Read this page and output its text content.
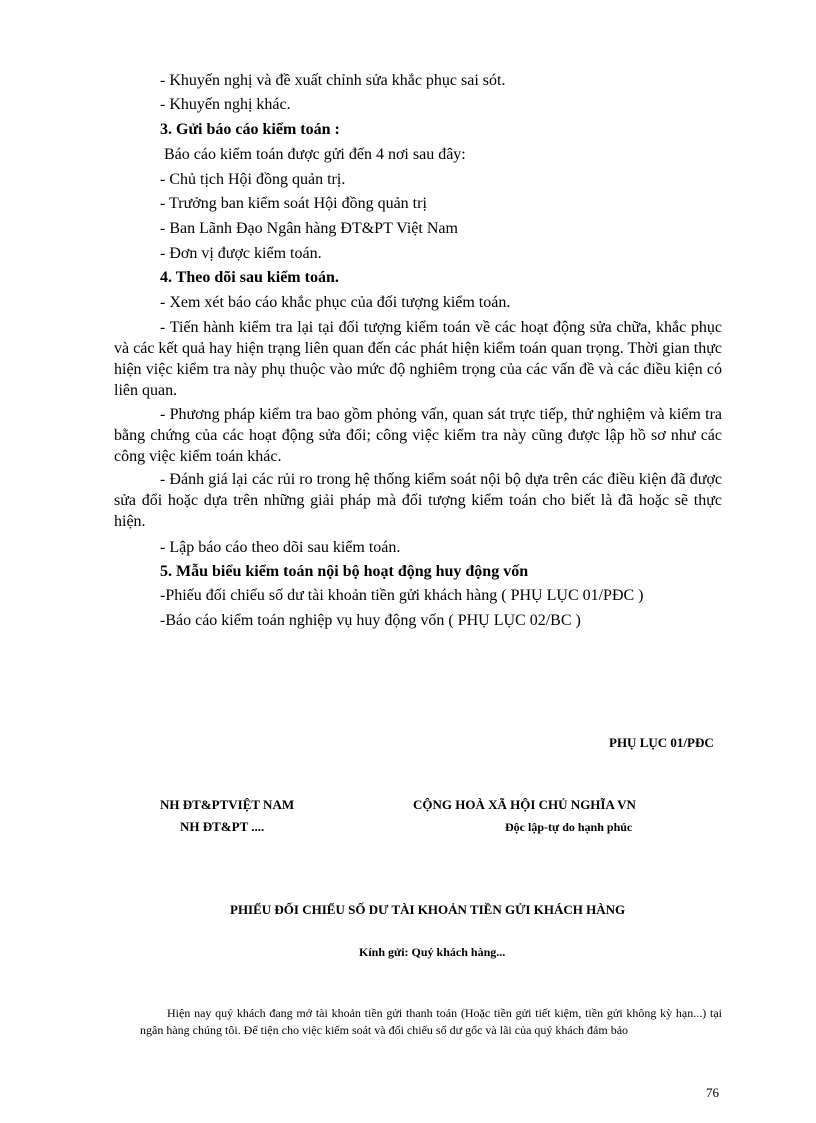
- Khuyến nghị và đề xuất chỉnh sửa khắc phục sai sót.
- Khuyến nghị khác.
3. Gửi báo cáo kiểm toán :
Báo cáo kiểm toán được gửi đến 4 nơi sau đây:
- Chủ tịch Hội đồng quản trị.
- Trưởng ban kiểm soát Hội đồng quản trị
- Ban Lãnh Đạo Ngân hàng ĐT&PT Việt Nam
- Đơn vị được kiểm toán.
4. Theo dõi sau kiểm toán.
- Xem xét báo cáo khắc phục của đối tượng kiểm toán.
- Tiến hành kiểm tra lại tại đối tượng kiểm toán về các hoạt động sửa chữa, khắc phục và các kết quả hay hiện trạng liên quan đến các phát hiện kiểm toán quan trọng. Thời gian thực hiện việc kiểm tra này phụ thuộc vào mức độ nghiêm trọng của các vấn đề và các điều kiện có liên quan.
- Phương pháp kiểm tra bao gồm phỏng vấn, quan sát trực tiếp, thử nghiệm và kiểm tra bằng chứng của các hoạt động sửa đổi; công việc kiểm tra này cũng được lập hồ sơ như các công việc kiểm toán khác.
- Đánh giá lại các rủi ro trong hệ thống kiểm soát nội bộ dựa trên các điều kiện đã được sửa đổi hoặc dựa trên những giải pháp mà đối tượng kiểm toán cho biết là đã hoặc sẽ thực hiện.
- Lập báo cáo theo dõi sau kiểm toán.
5. Mẫu biểu kiểm toán nội bộ hoạt động huy động vốn
-Phiếu đối chiếu số dư tài khoản tiền gửi khách hàng ( PHỤ LỤC 01/PĐC )
-Báo cáo kiểm toán nghiệp vụ huy động vốn ( PHỤ LỤC 02/BC )
PHỤ LỤC 01/PĐC
NH ĐT&PTVIỆT NAM
NH ĐT&PT ....
CỘNG HOÀ XÃ HỘI CHỦ NGHĨA VN
Độc lập-tự do hạnh phúc
PHIẾU ĐỐI CHIẾU SỐ DƯ TÀI KHOẢN TIỀN GỬI KHÁCH HÀNG
Kính gửi: Quý khách hàng...
Hiện nay quý khách đang mở tài khoản tiền gửi thanh toán (Hoặc tiền gửi tiết kiệm, tiền gửi không kỳ hạn...) tại ngân hàng chúng tôi. Để tiện cho việc kiểm soát và đối chiếu số dư gốc và lãi của quý khách đảm bảo
76
